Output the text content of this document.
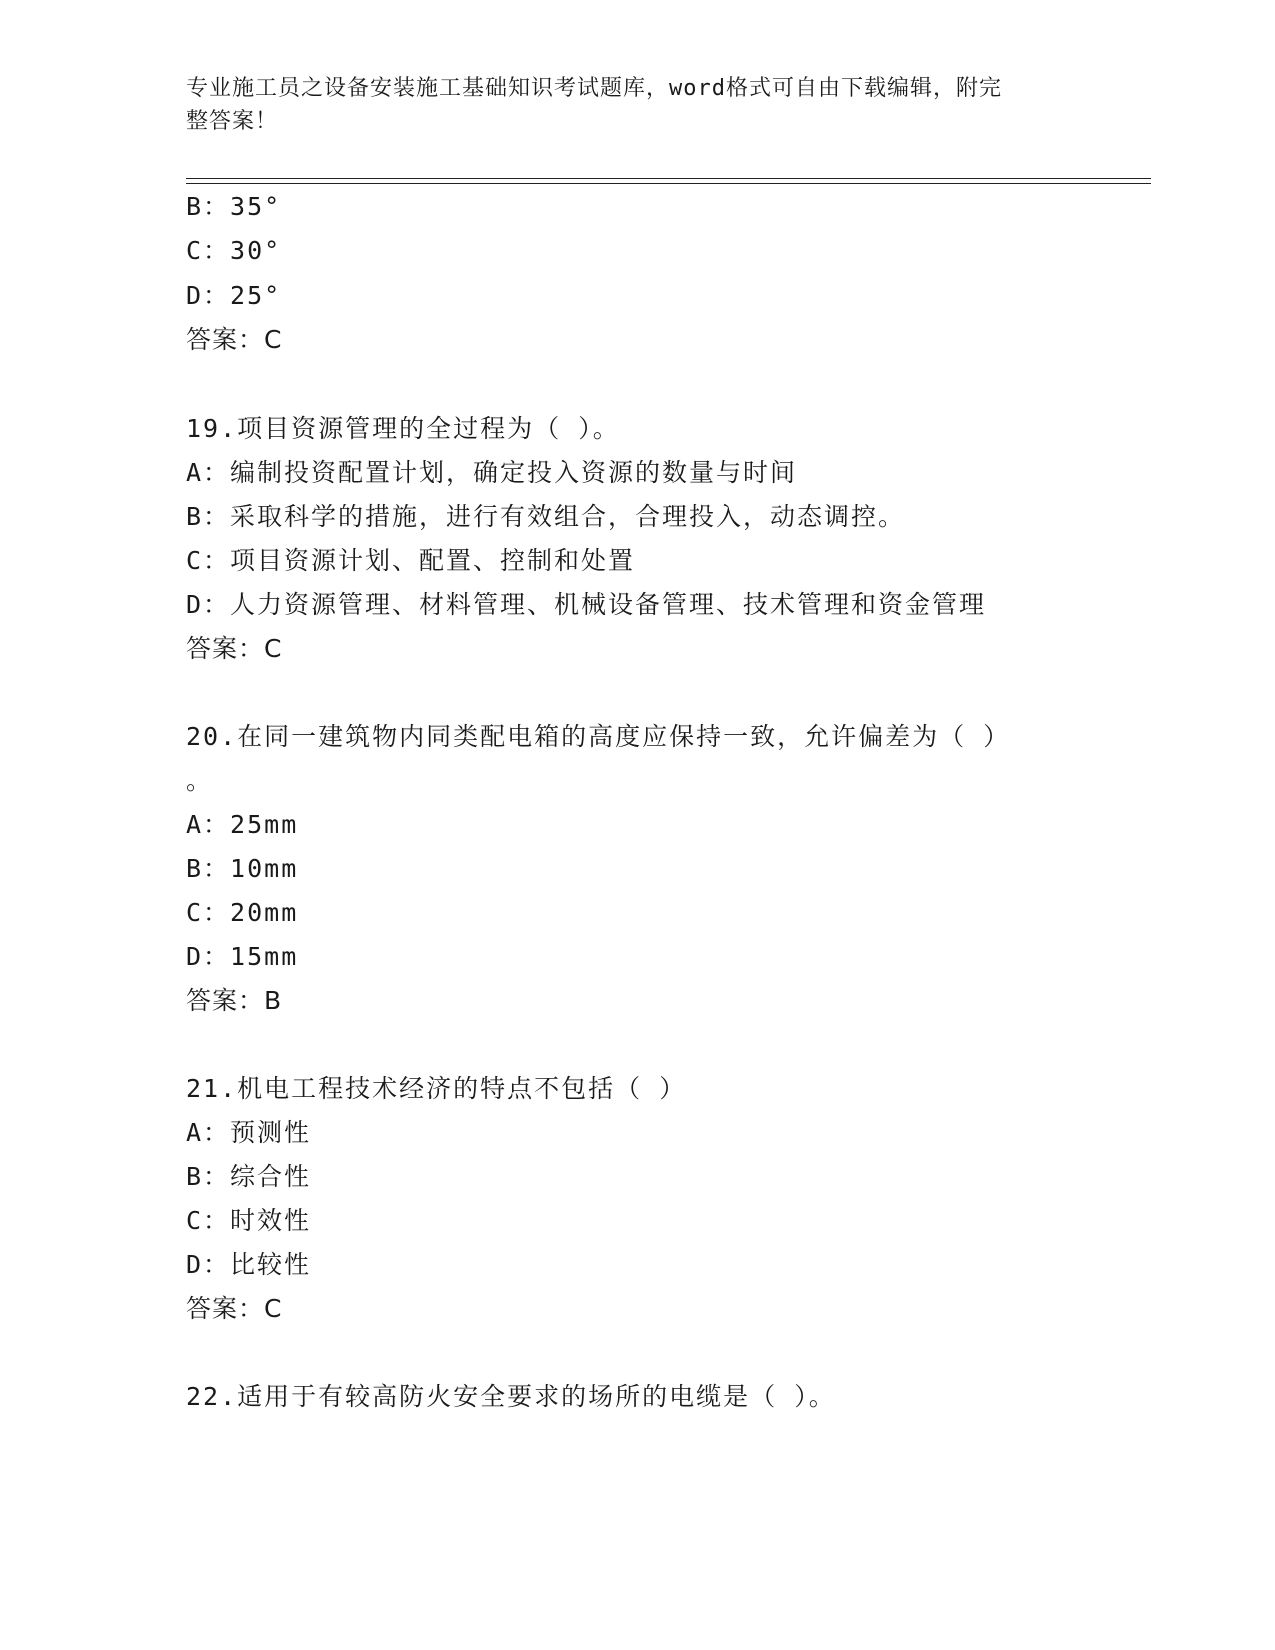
专业施工员之设备安装施工基础知识考试题库，word格式可自由下载编辑，附完
整答案！
B：35°
C：30°
D：25°
答案：C
19.项目资源管理的全过程为（ ）。
A：编制投资配置计划，确定投入资源的数量与时间
B：采取科学的措施，进行有效组合，合理投入，动态调控。
C：项目资源计划、配置、控制和处置
D：人力资源管理、材料管理、机械设备管理、技术管理和资金管理
答案：C
20.在同一建筑物内同类配电箱的高度应保持一致，允许偏差为（ ）
。
A：25mm
B：10mm
C：20mm
D：15mm
答案：B
21.机电工程技术经济的特点不包括（ ）
A：预测性
B：综合性
C：时效性
D：比较性
答案：C
22.适用于有较高防火安全要求的场所的电缆是（ ）。
